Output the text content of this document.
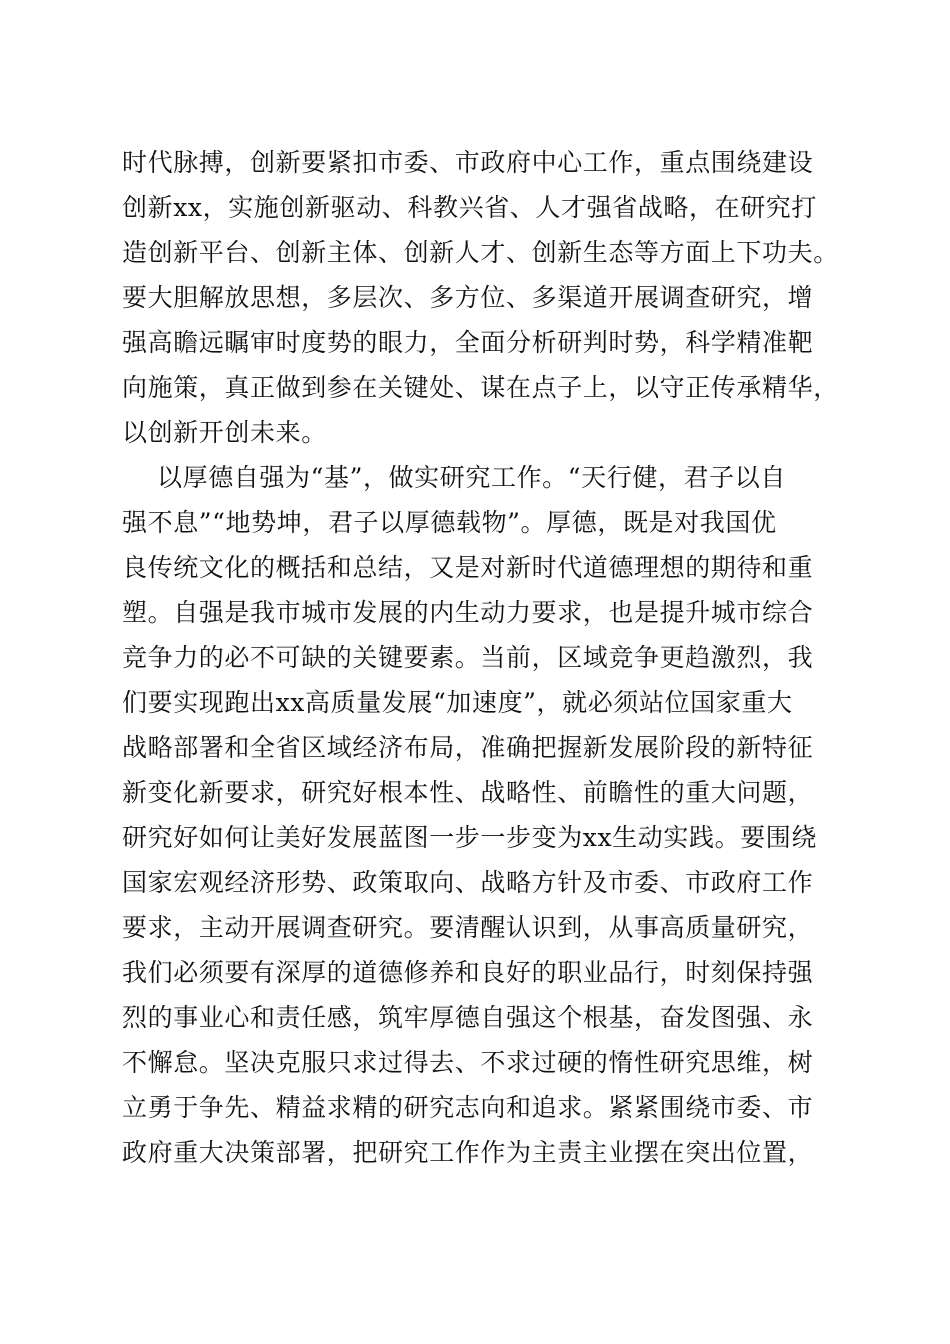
时代脉搏，创新要紧扣市委、市政府中心工作，重点围绕建设
创新xx，实施创新驱动、科教兴省、人才强省战略，在研究打
造创新平台、创新主体、创新人才、创新生态等方面上下功夫。
要大胆解放思想，多层次、多方位、多渠道开展调查研究，增
强高瞻远瞩审时度势的眼力，全面分析研判时势，科学精准靶
向施策，真正做到参在关键处、谋在点子上，以守正传承精华，
以创新开创未来。
以厚德自强为“基”，做实研究工作。“天行健，君子以自
强不息”“地势坤，君子以厚德载物”。厚德，既是对我国优
良传统文化的概括和总结，又是对新时代道德理想的期待和重
塑。自强是我市城市发展的内生动力要求，也是提升城市综合
竞争力的必不可缺的关键要素。当前，区域竞争更趋激烈，我
们要实现跑出xx高质量发展“加速度”，就必须站位国家重大
战略部署和全省区域经济布局，准确把握新发展阶段的新特征
新变化新要求，研究好根本性、战略性、前瞻性的重大问题，
研究好如何让美好发展蓝图一步一步变为xx生动实践。要围绕
国家宏观经济形势、政策取向、战略方针及市委、市政府工作
要求，主动开展调查研究。要清醒认识到，从事高质量研究，
我们必须要有深厚的道德修养和良好的职业品行，时刻保持强
烈的事业心和责任感，筑牢厚德自强这个根基，奋发图强、永
不懈怠。坚决克服只求过得去、不求过硬的惰性研究思维，树
立勇于争先、精益求精的研究志向和追求。紧紧围绕市委、市
政府重大决策部署，把研究工作作为主责主业摆在突出位置，
